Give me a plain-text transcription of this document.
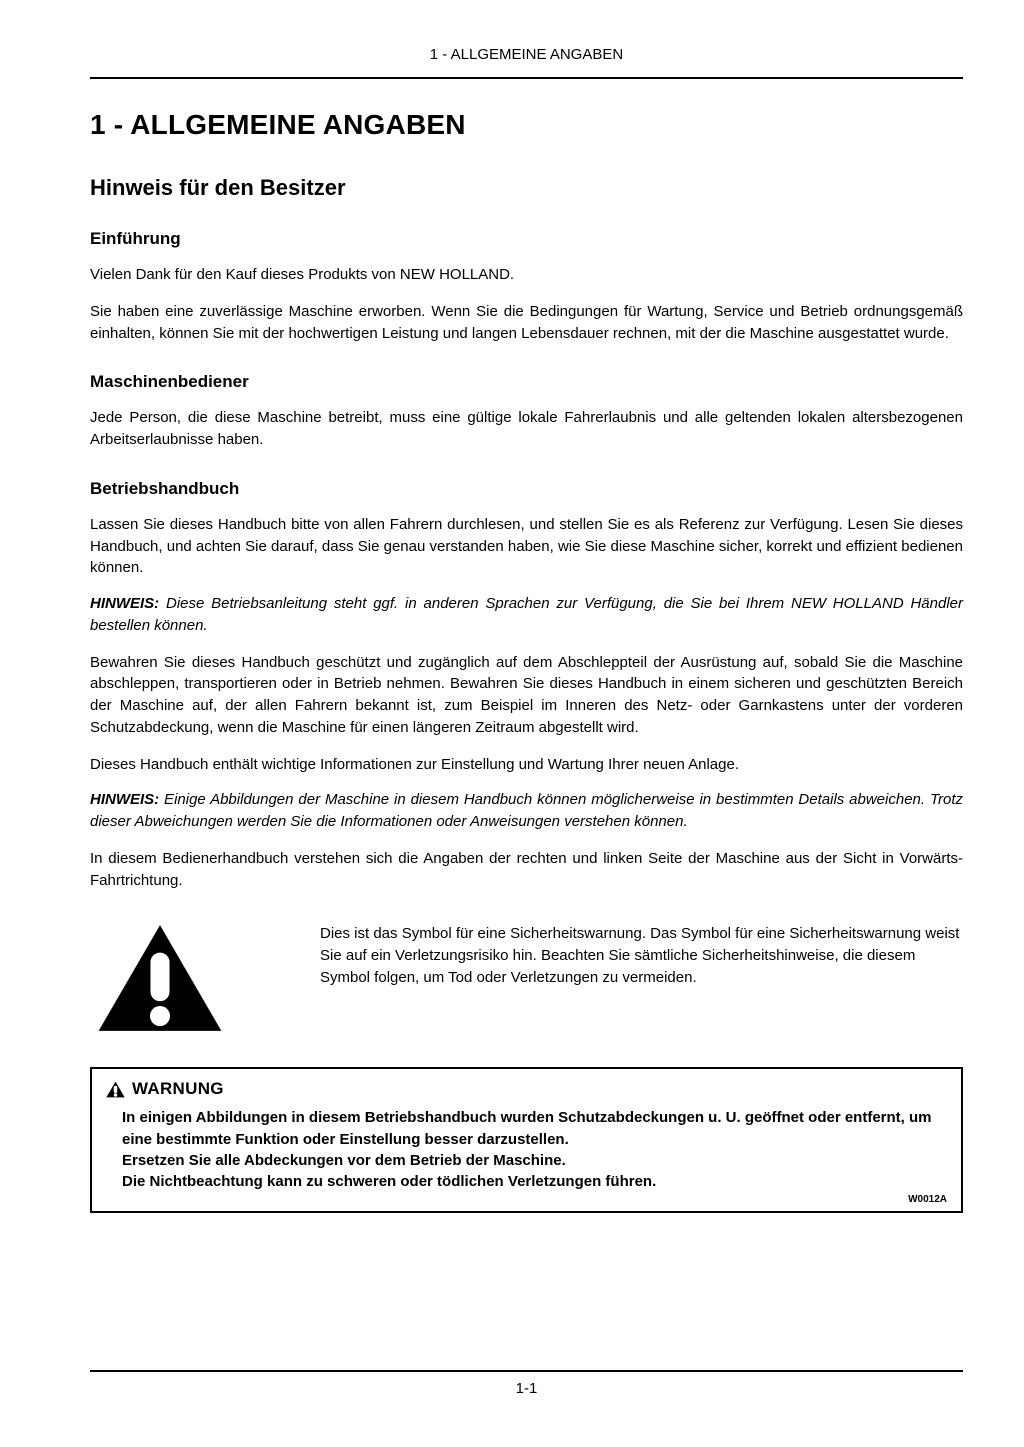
1 - ALLGEMEINE ANGABEN
1 - ALLGEMEINE ANGABEN
Hinweis für den Besitzer
Einführung

Vielen Dank für den Kauf dieses Produkts von NEW HOLLAND.

Sie haben eine zuverlässige Maschine erworben. Wenn Sie die Bedingungen für Wartung, Service und Betrieb ordnungsgemäß einhalten, können Sie mit der hochwertigen Leistung und langen Lebensdauer rechnen, mit der die Maschine ausgestattet wurde.

Maschinenbediener

Jede Person, die diese Maschine betreibt, muss eine gültige lokale Fahrerlaubnis und alle geltenden lokalen altersbezogenen Arbeitserlaubnisse haben.

Betriebshandbuch

Lassen Sie dieses Handbuch bitte von allen Fahrern durchlesen, und stellen Sie es als Referenz zur Verfügung. Lesen Sie dieses Handbuch, und achten Sie darauf, dass Sie genau verstanden haben, wie Sie diese Maschine sicher, korrekt und effizient bedienen können.

HINWEIS: Diese Betriebsanleitung steht ggf. in anderen Sprachen zur Verfügung, die Sie bei Ihrem NEW HOLLAND Händler bestellen können.

Bewahren Sie dieses Handbuch geschützt und zugänglich auf dem Abschleppteil der Ausrüstung auf, sobald Sie die Maschine abschleppen, transportieren oder in Betrieb nehmen. Bewahren Sie dieses Handbuch in einem sicheren und geschützten Bereich der Maschine auf, der allen Fahrern bekannt ist, zum Beispiel im Inneren des Netz- oder Garnkastens unter der vorderen Schutzabdeckung, wenn die Maschine für einen längeren Zeitraum abgestellt wird.

Dieses Handbuch enthält wichtige Informationen zur Einstellung und Wartung Ihrer neuen Anlage.

HINWEIS: Einige Abbildungen der Maschine in diesem Handbuch können möglicherweise in bestimmten Details abweichen. Trotz dieser Abweichungen werden Sie die Informationen oder Anweisungen verstehen können.

In diesem Bedienerhandbuch verstehen sich die Angaben der rechten und linken Seite der Maschine aus der Sicht in Vorwärts-Fahrtrichtung.

Dies ist das Symbol für eine Sicherheitswarnung. Das Symbol für eine Sicherheitswarnung weist Sie auf ein Verletzungsrisiko hin. Beachten Sie sämtliche Sicherheitshinweise, die diesem Symbol folgen, um Tod oder Verletzungen zu vermeiden.
WARNUNG

In einigen Abbildungen in diesem Betriebshandbuch wurden Schutzabdeckungen u. U. geöffnet oder entfernt, um eine bestimmte Funktion oder Einstellung besser darzustellen.

Ersetzen Sie alle Abdeckungen vor dem Betrieb der Maschine.

Die Nichtbeachtung kann zu schweren oder tödlichen Verletzungen führen.

W0012A
1-1
